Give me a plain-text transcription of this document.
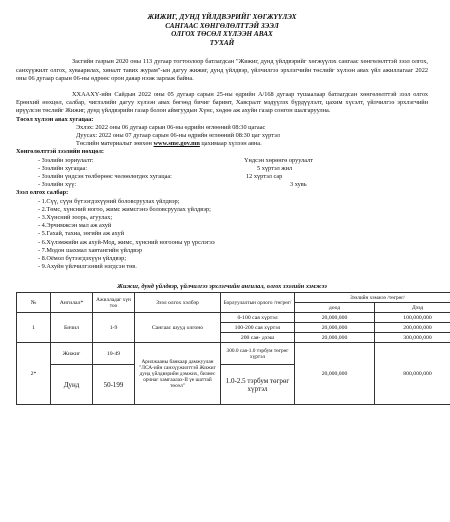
ЖИЖИГ, ДУНД ҮЙЛДВЭРИЙГ ХӨГЖҮҮЛЭХ
САНГААС ХӨНГӨЛӨЛТТЭЙ ЗЭЭЛ
ОЛГОХ ТӨСӨЛ ХҮЛЭЭН АВАХ
ТУХАЙ

Засгийн газрын 2020 оны 113 дугаар тогтоолоор батлагдсан "Жижиг, дунд үйлдвэрийг хөгжүүлэх сангаас хөнгөлөлттэй зээл олгох, санхүүжилт олгох, хуваарилах, хяналт тавих журам"-ын дагуу жижиг, дунд үйлдвэр, үйлчилгээ эрхлэгчийн төслийг хүлээн авах үйл ажиллагааг 2022 оны 06 дугаар сарын 06-ны өдрөөс орон даяар нээж зарлаж байна.

ХХААХҮ-ийн Сайдын 2022 оны 05 дугаар сарын 25-ны өдрийн А/168 дугаар тушаалаар батлагдсан хөнгөлөлттэй зээл олгох Ерөнхий нөхцөл, салбар, чиглэлийн дагуу хүлээн авах бөгөөд бичиг баримт, Хавсралт мэдүүлэх бүрдүүлэлт, цахим хүсэлт, үйлчилгээ эрхлэгчийн ирүүлсэн төслийг Жижиг, дунд үйлдвэрийн газар болон аймгуудын Хүнс, хөдөө аж ахуйн газар сонгон шалгаруулна.

Төсөл хүлээн авах хугацаа:
Эхлэх: 2022 оны 06 дугаар сарын 06-ны өдрийн өглөөний 08:30 цагаас
Дуусах: 2022 оны 07 дугаар сарын 06-ны өдрийн өглөөний 08:30 цаг хүртэл
Төслийн материалыг зөвхөн www.sme.gov.mn цахимаар хүлээн авна.
Хөнгөлөлттэй зээлийн нөхцөл:
- Зээлийн зориулалт:	Үндсэн хөрөнгө оруулалт
- Зээлийн хугацаа:	5 хүртэл жил
- Зээлийн үндсэн төлбөрөөс чөлөөлөгдөх хугацаа:	12 хүртэл сар
- Зээлийн хүү:	3 хувь
Зээл олгох салбар:
- 1.Сүү, сүүн бүтээгдэхүүний боловсруулах үйлдвэр;
- 2.Төмс, хүнсний ногоо, жимс жимсгэнэ боловсруулах үйлдвэр;
- 3.Хүнсний зоорь, агуулах;
- 4.Эрчимжсэн мал аж ахуй
- 5.Гахай, тахиа, зөгийн аж ахуй
- 6.Хүлэмжийн аж ахуй-Мод, жимс, хүнсний ногооны үр үрслэгээ
- 7.Модон шахмал хавтангийн үйлдвэр
- 8.Оёмол бүтээгдэхүүн үйлдвэр;
- 9.Ахуйн үйлчилгээний нэгдсэн төв.
Жижиг, дунд үйлдвэр, үйлчилгээ эрхлэгчийн ангилал, олгох зээлийн хэмжээ
№	Ангилал*	Ажилладаг хүн тоо	Зээл олгох хэлбэр	Борлуулалтын орлого /төгрөг/	Зээлийн хэмжээ /төгрөг/	
					доод	Дээд
1	Бичил	1-9	Сангаас шууд олгоно	0-100 сая хүртэл	20,000,000	100,000,000
				100-200 сая хүртэл	20,000,000	200,000,000
				200 сая- дээш	20,000,000	300,000,000
2*	Жижиг	10-49	Арилжааны банкаар дамжуулан "ЛСА-ийн санхүүжилттэй Жижиг дунд үйлдвэрийн дэмжих, бизнес орчнаг хамгаалах-II үе шаттай төсөл"	300.0 сая-1.0 тэрбум төгрөг хүртэл	20,000,000	800,000,000
	Дунд	50-199		1.0-2.5 тэрбум төгрөг хүртэл		
